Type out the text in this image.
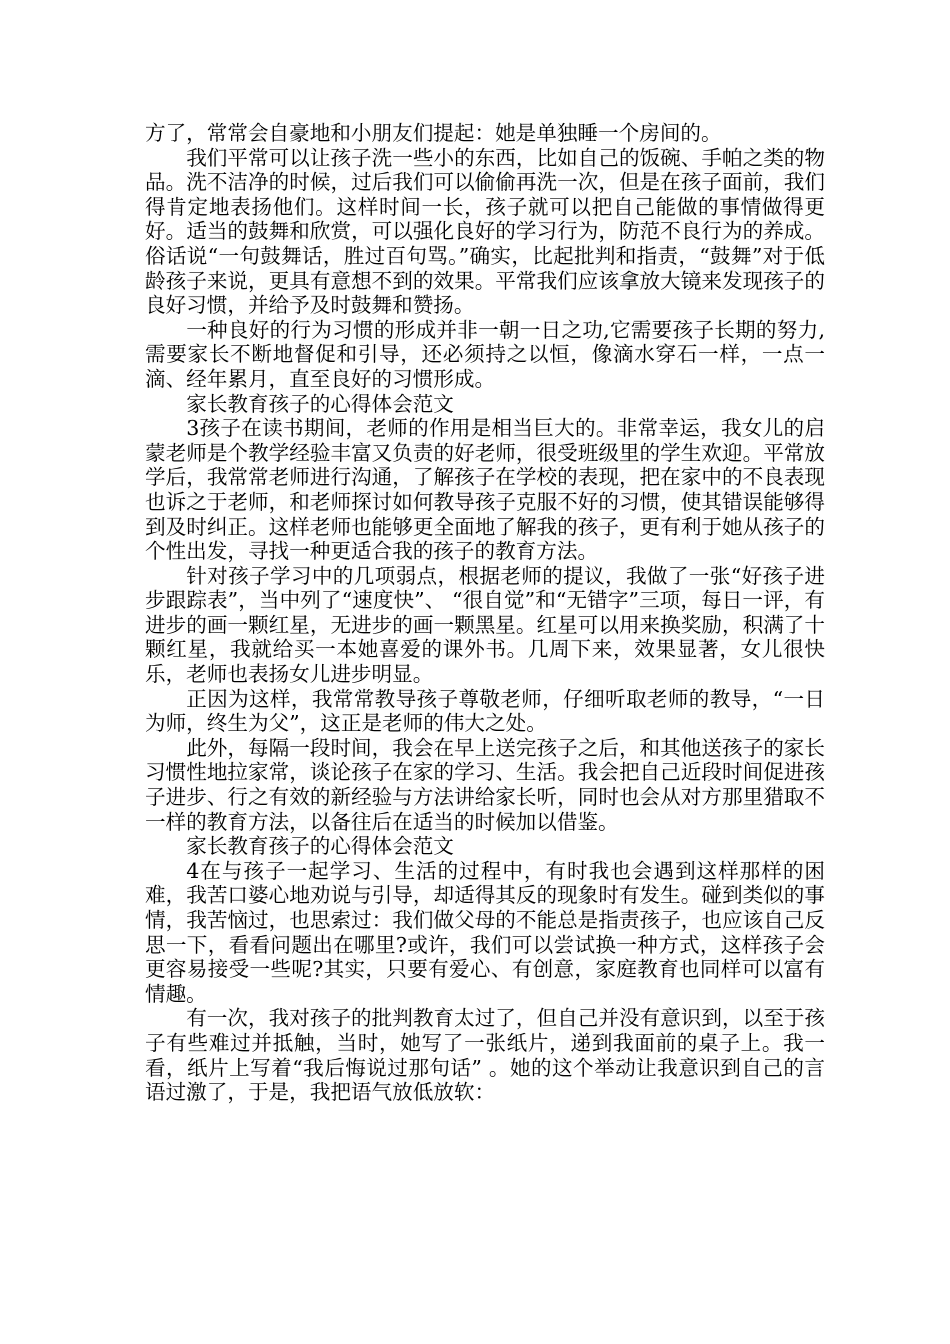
方了，常常会自豪地和小朋友们提起：她是单独睡一个房间的。

我们平常可以让孩子洗一些小的东西，比如自己的饭碗、手帕之类的物品。洗不洁净的时候，过后我们可以偷偷再洗一次，但是在孩子面前，我们得肯定地表扬他们。这样时间一长，孩子就可以把自己能做的事情做得更好。适当的鼓舞和欣赏，可以强化良好的学习行为，防范不良行为的养成。俗话说“一句鼓舞话，胜过百句骂。”确实，比起批判和指责，“鼓舞”对于低龄孩子来说，更具有意想不到的效果。平常我们应该拿放大镜来发现孩子的良好习惯，并给予及时鼓舞和赞扬。

一种良好的行为习惯的形成并非一朝一日之功,它需要孩子长期的努力,需要家长不断地督促和引导，还必须持之以恒，像滴水穿石一样，一点一滴、经年累月，直至良好的习惯形成。

家长教育孩子的心得体会范文

3孩子在读书期间，老师的作用是相当巨大的。非常幸运，我女儿的启蒙老师是个教学经验丰富又负责的好老师，很受班级里的学生欢迎。平常放学后，我常常老师进行沟通，了解孩子在学校的表现，把在家中的不良表现也诉之于老师，和老师探讨如何教导孩子克服不好的习惯，使其错误能够得到及时纠正。这样老师也能够更全面地了解我的孩子，更有利于她从孩子的个性出发，寻找一种更适合我的孩子的教育方法。

针对孩子学习中的几项弱点，根据老师的提议，我做了一张“好孩子进步跟踪表”，当中列了“速度快”、 “很自觉”和“无错字”三项，每日一评，有进步的画一颗红星，无进步的画一颗黑星。红星可以用来换奖励，积满了十颗红星，我就给买一本她喜爱的课外书。几周下来，效果显著，女儿很快乐，老师也表扬女儿进步明显。

正因为这样，我常常教导孩子尊敬老师，仔细听取老师的教导，“一日为师，终生为父”，这正是老师的伟大之处。

此外，每隔一段时间，我会在早上送完孩子之后，和其他送孩子的家长习惯性地拉家常，谈论孩子在家的学习、生活。我会把自己近段时间促进孩子进步、行之有效的新经验与方法讲给家长听，同时也会从对方那里猎取不一样的教育方法，以备往后在适当的时候加以借鉴。

家长教育孩子的心得体会范文

4在与孩子一起学习、生活的过程中，有时我也会遇到这样那样的困难，我苦口婆心地劝说与引导，却适得其反的现象时有发生。碰到类似的事情，我苦恼过，也思索过：我们做父母的不能总是指责孩子，也应该自己反思一下，看看问题出在哪里?或许，我们可以尝试换一种方式，这样孩子会更容易接受一些呢?其实，只要有爱心、有创意，家庭教育也同样可以富有情趣。

有一次，我对孩子的批判教育太过了，但自己并没有意识到，以至于孩子有些难过并抵触，当时，她写了一张纸片，递到我面前的桌子上。我一看，纸片上写着“我后悔说过那句话” 。她的这个举动让我意识到自己的言语过激了，于是，我把语气放低放软：
